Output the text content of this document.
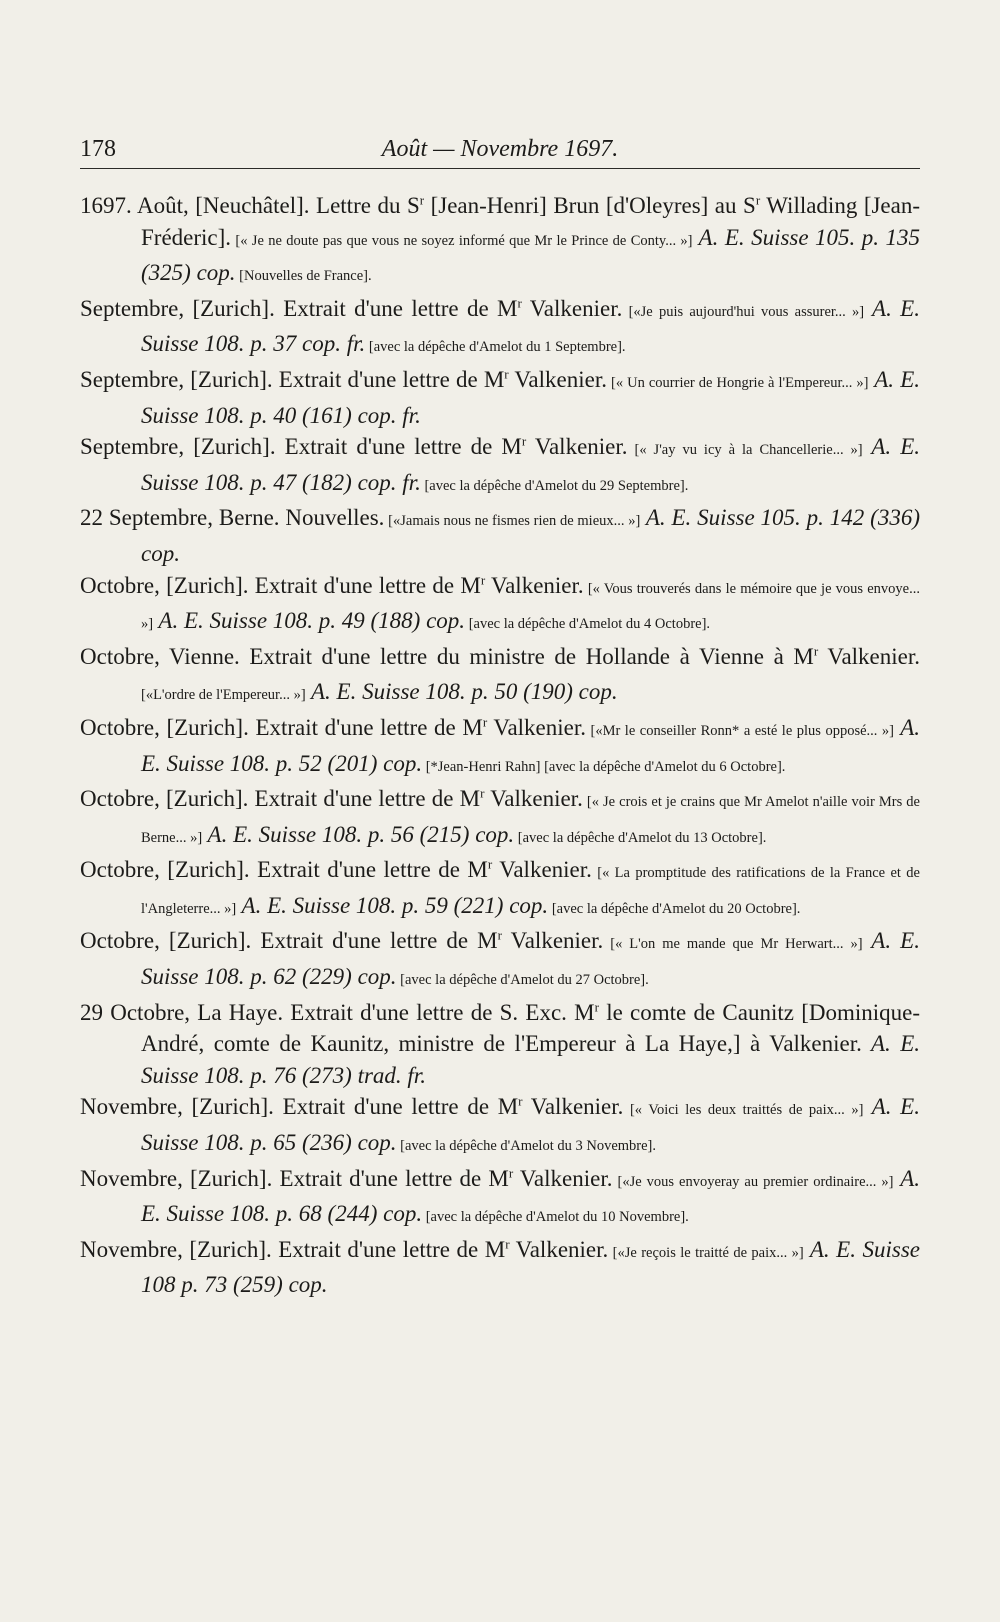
178	Août — Novembre 1697.

1697. Août, [Neuchâtel]. Lettre du $S^r$ [Jean-Henri] Brun [d'Oleyres] au $S^r$ Willading [Jean-Fréderic]. [« Je ne doute pas que vous ne soyez informé que Mr le Prince de Conty... »] A. E. Suisse 105. p. 135 (325) cop. [Nouvelles de France].

Septembre, [Zurich]. Extrait d'une lettre de $M^r$ Valkenier. [«Je puis aujourd'hui vous assurer... »] A. E. Suisse 108. p. 37 cop. fr. [avec la dépêche d'Amelot du 1 Septembre].

Septembre, [Zurich]. Extrait d'une lettre de $M^r$ Valkenier. [« Un courrier de Hongrie à l'Empereur... »] A. E. Suisse 108. p. 40 (161) cop. fr.

Septembre, [Zurich]. Extrait d'une lettre de $M^r$ Valkenier. [« J'ay vu icy à la Chancellerie... »] A. E. Suisse 108. p. 47 (182) cop. fr. [avec la dépêche d'Amelot du 29 Septembre].

22 Septembre, Berne. Nouvelles. [«Jamais nous ne fismes rien de mieux... »] A. E. Suisse 105. p. 142 (336) cop.

Octobre, [Zurich]. Extrait d'une lettre de $M^r$ Valkenier. [« Vous trouverés dans le mémoire que je vous envoye... »] A. E. Suisse 108. p. 49 (188) cop. [avec la dépêche d'Amelot du 4 Octobre].

Octobre, Vienne. Extrait d'une lettre du ministre de Hollande à Vienne à $M^r$ Valkenier. [«L'ordre de l'Empereur... »] A. E. Suisse 108. p. 50 (190) cop.

Octobre, [Zurich]. Extrait d'une lettre de $M^r$ Valkenier. [«Mr le conseiller Ronn* a esté le plus opposé... »] A. E. Suisse 108. p. 52 (201) cop. [*Jean-Henri Rahn] [avec la dépêche d'Amelot du 6 Octobre].

Octobre, [Zurich]. Extrait d'une lettre de $M^r$ Valkenier. [« Je crois et je crains que Mr Amelot n'aille voir Mrs de Berne... »] A. E. Suisse 108. p. 56 (215) cop. [avec la dépêche d'Amelot du 13 Octobre].

Octobre, [Zurich]. Extrait d'une lettre de $M^r$ Valkenier. [« La promptitude des ratifications de la France et de l'Angleterre... »] A. E. Suisse 108. p. 59 (221) cop. [avec la dépêche d'Amelot du 20 Octobre].

Octobre, [Zurich]. Extrait d'une lettre de $M^r$ Valkenier. [« L'on me mande que Mr Herwart... »] A. E. Suisse 108. p. 62 (229) cop. [avec la dépêche d'Amelot du 27 Octobre].

29 Octobre, La Haye. Extrait d'une lettre de S. Exc. $M^r$ le comte de Caunitz [Dominique-André, comte de Kaunitz, ministre de l'Empereur à La Haye,] à Valkenier. A. E. Suisse 108. p. 76 (273) trad. fr.

Novembre, [Zurich]. Extrait d'une lettre de $M^r$ Valkenier. [« Voici les deux traittés de paix... »] A. E. Suisse 108. p. 65 (236) cop. [avec la dépêche d'Amelot du 3 Novembre].

Novembre, [Zurich]. Extrait d'une lettre de $M^r$ Valkenier. [«Je vous envoyeray au premier ordinaire... »] A. E. Suisse 108. p. 68 (244) cop. [avec la dépêche d'Amelot du 10 Novembre].

Novembre, [Zurich]. Extrait d'une lettre de $M^r$ Valkenier. [«Je reçois le traitté de paix... »] A. E. Suisse 108 p. 73 (259) cop.
